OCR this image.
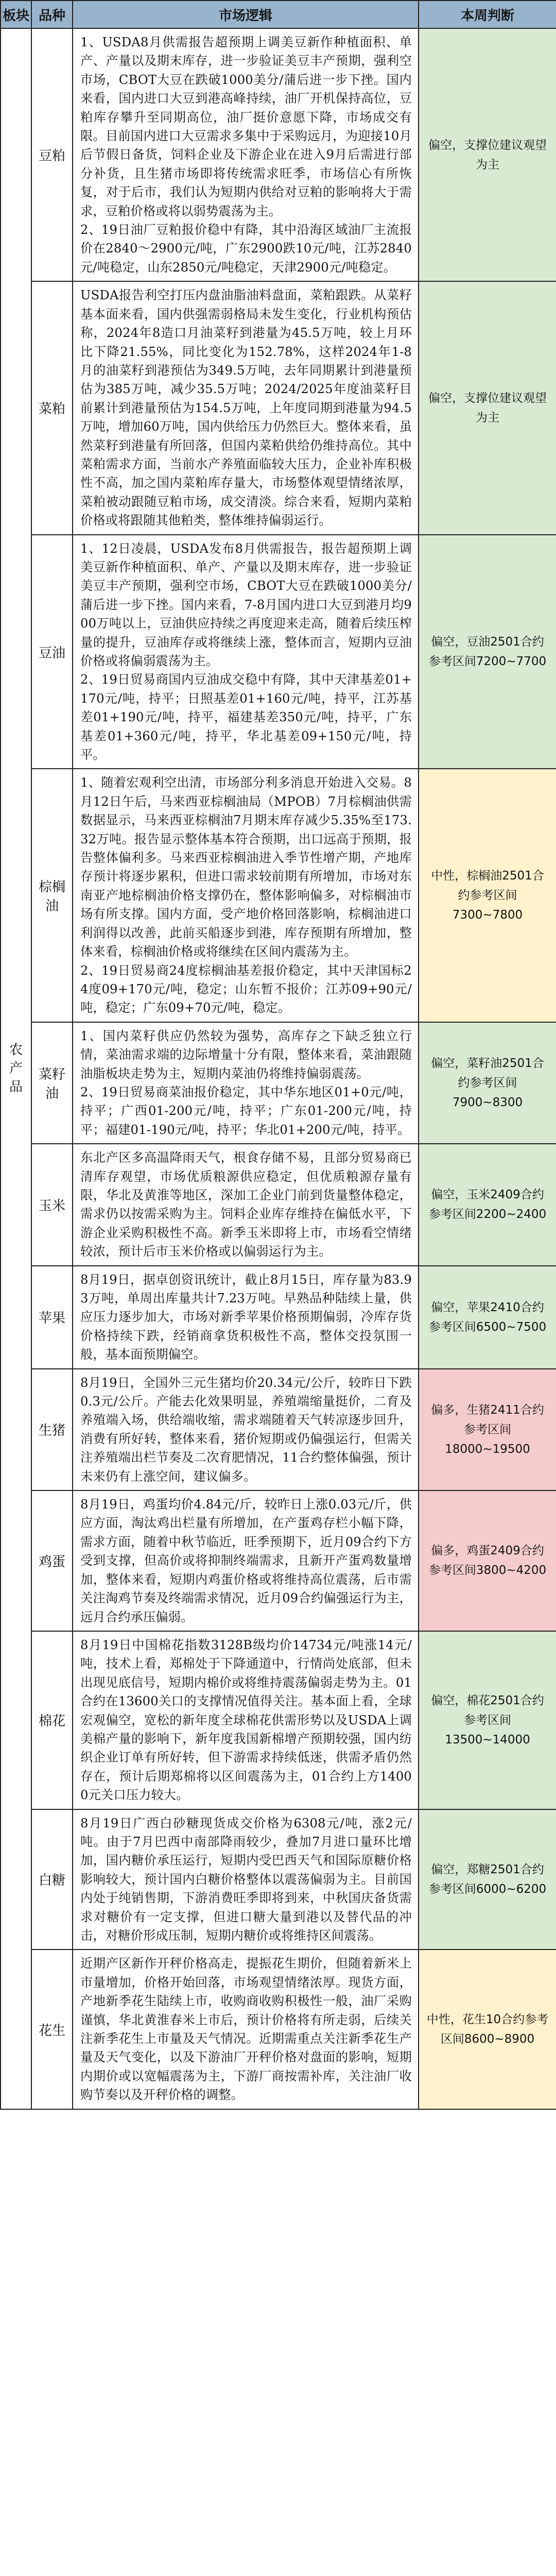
板块	品种	市场逻辑	本周判断
农产品	豆粕	1、USDA8月供需报告超预期上调美豆新作种植面积、单产、产量以及期末库存，进一步验证美豆丰产预期，强利空市场，CBOT大豆在跌破1000美分/蒲后进一步下挫。国内来看，国内进口大豆到港高峰持续，油厂开机保持高位，豆粕库存攀升至同期高位，油厂挺价意愿下降，市场成交有限。目前国内进口大豆需求多集中于采购远月，为迎接10月后节假日备货，饲料企业及下游企业在进入9月后需进行部分补货，且生猪市场即将传统需求旺季，市场信心有所恢复，对于后市，我们认为短期内供给对豆粕的影响将大于需求，豆粕价格或将以弱势震荡为主。

2、19日油厂豆粕报价稳中有降，其中沿海区域油厂主流报价在2840～2900元/吨，广东2900跌10元/吨，江苏2840元/吨稳定，山东2850元/吨稳定，天津2900元/吨稳定。	偏空，支撑位建议观望为主
	菜粕	USDA报告利空打压内盘油脂油料盘面，菜粕跟跌。从菜籽基本面来看，国内供强需弱格局未发生变化，行业机构预估称，2024年8造口月油菜籽到港量为45.5万吨，较上月环比下降21.55%，同比变化为152.78%，这样2024年1-8月的油菜籽到港预估为349.5万吨，去年同期累计到港量预估为385万吨，减少35.5万吨；2024/2025年度油菜籽目前累计到港量预估为154.5万吨，上年度同期到港量为94.5万吨，增加60万吨，国内供给压力仍然巨大。整体来看，虽然菜籽到港量有所回落，但国内菜粕供给仍维持高位。其中菜粕需求方面，当前水产养殖面临较大压力，企业补库积极性不高，加之国内菜粕库存量大，市场整体观望情绪浓厚，菜粕被动跟随豆粕市场，成交清淡。综合来看，短期内菜粕价格或将跟随其他粕类，整体维持偏弱运行。	偏空，支撑位建议观望为主
	豆油	1、12日凌晨，USDA发布8月供需报告，报告超预期上调美豆新作种植面积、单产、产量以及期末库存，进一步验证美豆丰产预期，强利空市场，CBOT大豆在跌破1000美分/蒲后进一步下挫。国内来看，7-8月国内进口大豆到港月均900万吨以上，豆油供应持续之再度迎来走高，随着后续压榨量的提升，豆油库存或将继续上涨，整体而言，短期内豆油价格或将偏弱震荡为主。

2、19日贸易商国内豆油成交稳中有降，其中天津基差01+170元/吨，持平；日照基差01+160元/吨，持平，江苏基差01+190元/吨，持平，福建基差350元/吨，持平，广东基差01+360元/吨，持平，华北基差09+150元/吨，持平。	偏空，豆油2501合约参考区间7200~7700
	棕榈油	1、随着宏观利空出清，市场部分利多消息开始进入交易。8月12日午后，马来西亚棕榈油局（MPOB）7月棕榈油供需数据显示，马来西亚棕榈油7月期末库存减少5.35%至173.32万吨。报告显示整体基本符合预期，出口远高于预期，报告整体偏利多。马来西亚棕榈油进入季节性增产期，产地库存预计将逐步累积，但进口需求较前期有所增加，市场对东南亚产地棕榈油价格支撑仍在，整体影响偏多，对棕榈油市场有所支撑。国内方面，受产地价格回落影响，棕榈油进口利润得以改善，此前买船逐步到港，库存预期有所增加，整体来看，棕榈油价格或将继续在区间内震荡为主。

2、19日贸易商24度棕榈油基差报价稳定，其中天津国标24度09+170元/吨，稳定；山东暂不报价；江苏09+90元/吨，稳定；广东09+70元/吨，稳定。	中性，棕榈油2501合约参考区间7300~7800
	菜籽油	1、国内菜籽供应仍然较为强势，高库存之下缺乏独立行情，菜油需求端的边际增量十分有限，整体来看，菜油跟随油脂板块走势为主，短期内菜油仍将维持偏弱震荡。

2、19日贸易商菜油报价稳定，其中华东地区01+0元/吨，持平；广西01-200元/吨，持平；广东01-200元/吨，持平；福建01-190元/吨，持平；华北01+200元/吨，持平。	偏空，菜籽油2501合约参考区间7900~8300
	玉米	东北产区多高温降雨天气，根食存储不易，且部分贸易商已清库存观望，市场优质粮源供应稳定，但优质粮源存量有限，华北及黄淮等地区，深加工企业门前到货量整体稳定，需求仍以按需采购为主。饲料企业库存维持在偏低水平，下游企业采购积极性不高。新季玉米即将上市，市场看空情绪较浓，预计后市玉米价格或以偏弱运行为主。	偏空，玉米2409合约参考区间2200~2400
	苹果	8月19日，据卓创资讯统计，截止8月15日，库存量为83.93万吨，单周出库量共计7.23万吨。早熟品种陆续上量，供应压力逐步加大，市场对新季苹果价格预期偏弱，冷库存货价格持续下跌，经销商拿货积极性不高，整体交投氛围一般，基本面预期偏空。	偏空，苹果2410合约参考区间6500~7500
	生猪	8月19日，全国外三元生猪均价20.34元/公斤，较昨日下跌0.3元/公斤。产能去化效果明显，养殖端缩量挺价，二育及养殖端入场，供给端收缩，需求端随着天气转凉逐步回升，消费有所好转，整体来看，猪价短期或仍偏强运行，但需关注养殖端出栏节奏及二次育肥情况，11合约整体偏强，预计未来仍有上涨空间，建议偏多。	偏多，生猪2411合约参考区间18000~19500
	鸡蛋	8月19日，鸡蛋均价4.84元/斤，较昨日上涨0.03元/斤，供应方面，淘汰鸡出栏量有所增加，在产蛋鸡存栏小幅下降，需求方面，随着中秋节临近，旺季预期下，近月09合约下方受到支撑，但高价或将抑制终端需求，且新开产蛋鸡数量增加，整体来看，短期内鸡蛋价格或将维持高位震荡，后市需关注淘鸡节奏及终端需求情况，近月09合约偏强运行为主，远月合约承压偏弱。	偏多，鸡蛋2409合约参考区间3800~4200
	棉花	8月19日中国棉花指数3128B级均价14734元/吨涨14元/吨，技术上看，郑棉处于下降通道中，行情尚处底部，但未出现见底信号，短期内棉价或将维持震荡偏弱走势为主。01合约在13600关口的支撑情况值得关注。基本面上看，全球宏观偏空，宽松的新年度全球棉花供需形势以及USDA上调美棉产量的影响下，新年度我国新棉增产预期较强，国内纺织企业订单有所好转，但下游需求持续低迷，供需矛盾仍然存在，预计后期郑棉将以区间震荡为主，01合约上方14000元关口压力较大。	偏空，棉花2501合约参考区间13500~14000
	白糖	8月19日广西白砂糖现货成交价格为6308元/吨，涨2元/吨。由于7月巴西中南部降雨较少，叠加7月进口量环比增加，国内糖价承压运行，短期内受巴西天气和国际原糖价格影响较大，预计国内白糖价格整体以震荡偏弱为主。目前国内处于纯销售期，下游消费旺季即将到来，中秋国庆备货需求对糖价有一定支撑，但进口糖大量到港以及替代品的冲击，对糖价形成压制，短期内糖价或将维持区间震荡。	偏空，郑糖2501合约参考区间6000~6200
	花生	近期产区新作开秤价格高走，提振花生期价，但随着新米上市量增加，价格开始回落，市场观望情绪浓厚。现货方面，产地新季花生陆续上市，收购商收购积极性一般，油厂采购谨慎，华北黄淮春米上市后，预计价格将有所走弱，后续关注新季花生上市量及天气情况。近期需重点关注新季花生产量及天气变化，以及下游油厂开秤价格对盘面的影响，短期内期价或以宽幅震荡为主，下游厂商按需补库，关注油厂收购节奏以及开秤价格的调整。	中性，花生10合约参考区间8600~8900
